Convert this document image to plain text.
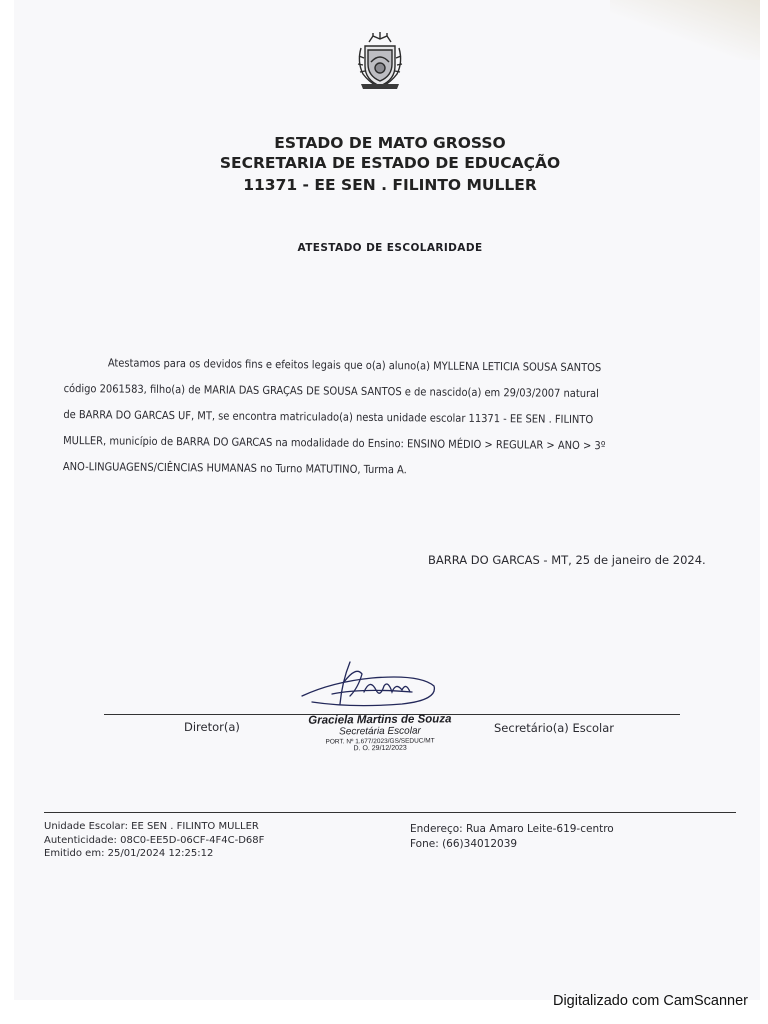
ESTADO DE MATO GROSSO
SECRETARIA DE ESTADO DE EDUCAÇÃO
11371 - EE SEN . FILINTO MULLER
ATESTADO DE ESCOLARIDADE

Atestamos para os devidos fins e efeitos legais que o(a) aluno(a) MYLLENA LETICIA SOUSA SANTOS

código 2061583, filho(a) de MARIA DAS GRAÇAS DE SOUSA SANTOS e de nascido(a) em 29/03/2007 natural

de BARRA DO GARCAS UF, MT, se encontra matriculado(a) nesta unidade escolar 11371 - EE SEN . FILINTO

MULLER, município de BARRA DO GARCAS na modalidade do Ensino: ENSINO MÉDIO > REGULAR > ANO > 3º

ANO-LINGUAGENS/CIÊNCIAS HUMANAS no Turno MATUTINO, Turma A.

BARRA DO GARCAS - MT, 25 de janeiro de 2024.
Diretor(a)	Secretário(a) Escolar
Graciela Martins de Souza
Secretária Escolar
PORT. Nº 1.677/2023/GS/SEDUC/MT
D. O. 29/12/2023
Unidade Escolar: EE SEN . FILINTO MULLER
Autenticidade: 08C0-EE5D-06CF-4F4C-D68F
Emitido em: 25/01/2024 12:25:12
Endereço: Rua Amaro Leite-619-centro
Fone: (66)34012039
Digitalizado com CamScanner
